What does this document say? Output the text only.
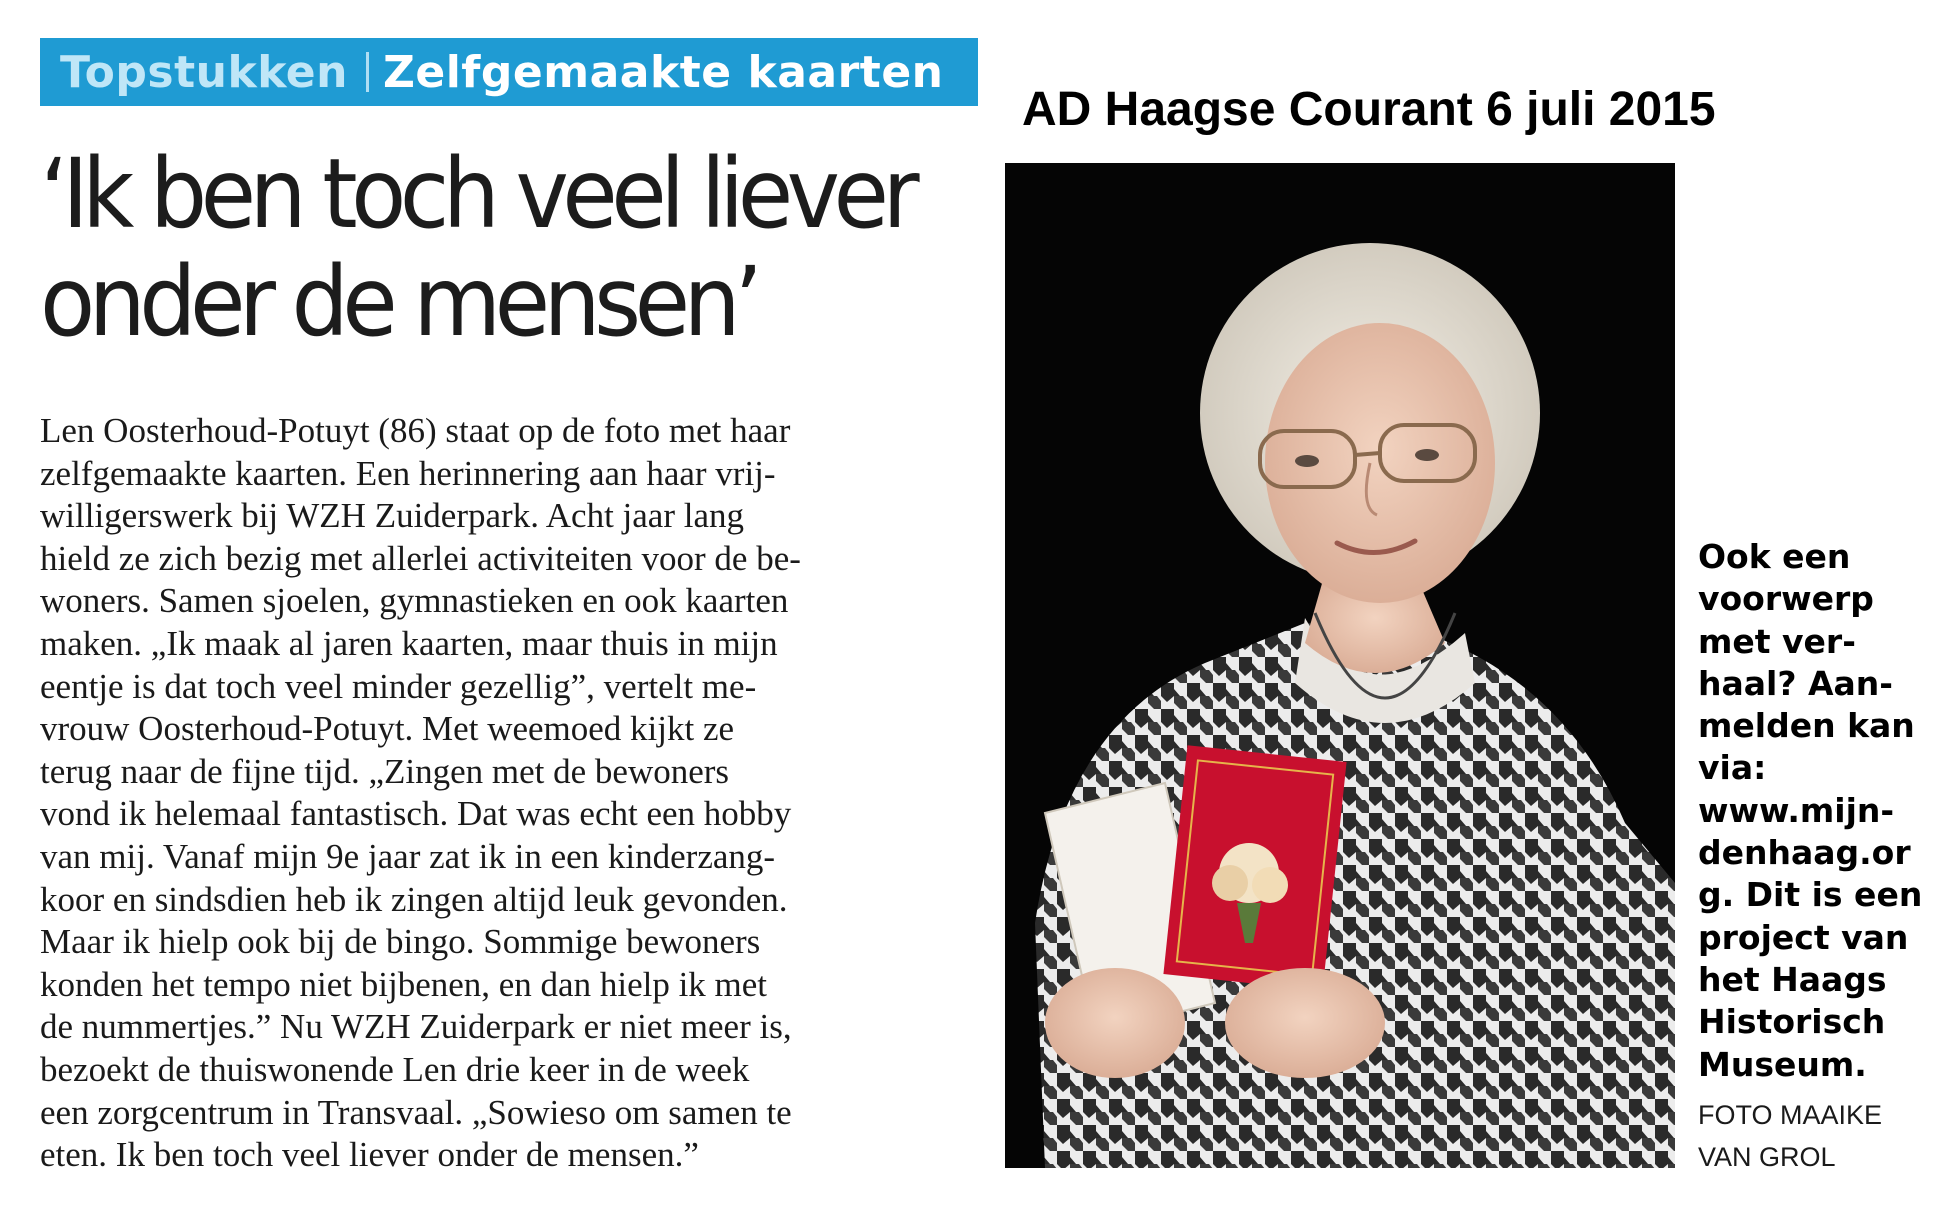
Topstukken Zelfgemaakte kaarten
AD Haagse Courant 6 juli 2015
‘Ik ben toch veel liever
onder de mensen’
Len Oosterhoud-Potuyt (86) staat op de foto met haar
zelfgemaakte kaarten. Een herinnering aan haar vrij-
willigerswerk bij WZH Zuiderpark. Acht jaar lang
hield ze zich bezig met allerlei activiteiten voor de be-
woners. Samen sjoelen, gymnastieken en ook kaarten
maken. „Ik maak al jaren kaarten, maar thuis in mijn
eentje is dat toch veel minder gezellig”, vertelt me-
vrouw Oosterhoud-Potuyt. Met weemoed kijkt ze
terug naar de fijne tijd. „Zingen met de bewoners
vond ik helemaal fantastisch. Dat was echt een hobby
van mij. Vanaf mijn 9e jaar zat ik in een kinderzang-
koor en sindsdien heb ik zingen altijd leuk gevonden.
Maar ik hielp ook bij de bingo. Sommige bewoners
konden het tempo niet bijbenen, en dan hielp ik met
de nummertjes.” Nu WZH Zuiderpark er niet meer is,
bezoekt de thuiswonende Len drie keer in de week
een zorgcentrum in Transvaal. „Sowieso om samen te
eten. Ik ben toch veel liever onder de mensen.”
Ook een
voorwerp
met ver-
haal? Aan-
melden kan
via:
www.mijn-
denhaag.or
g. Dit is een
project van
het Haags
Historisch
Museum.
FOTO MAAIKE
VAN GROL
